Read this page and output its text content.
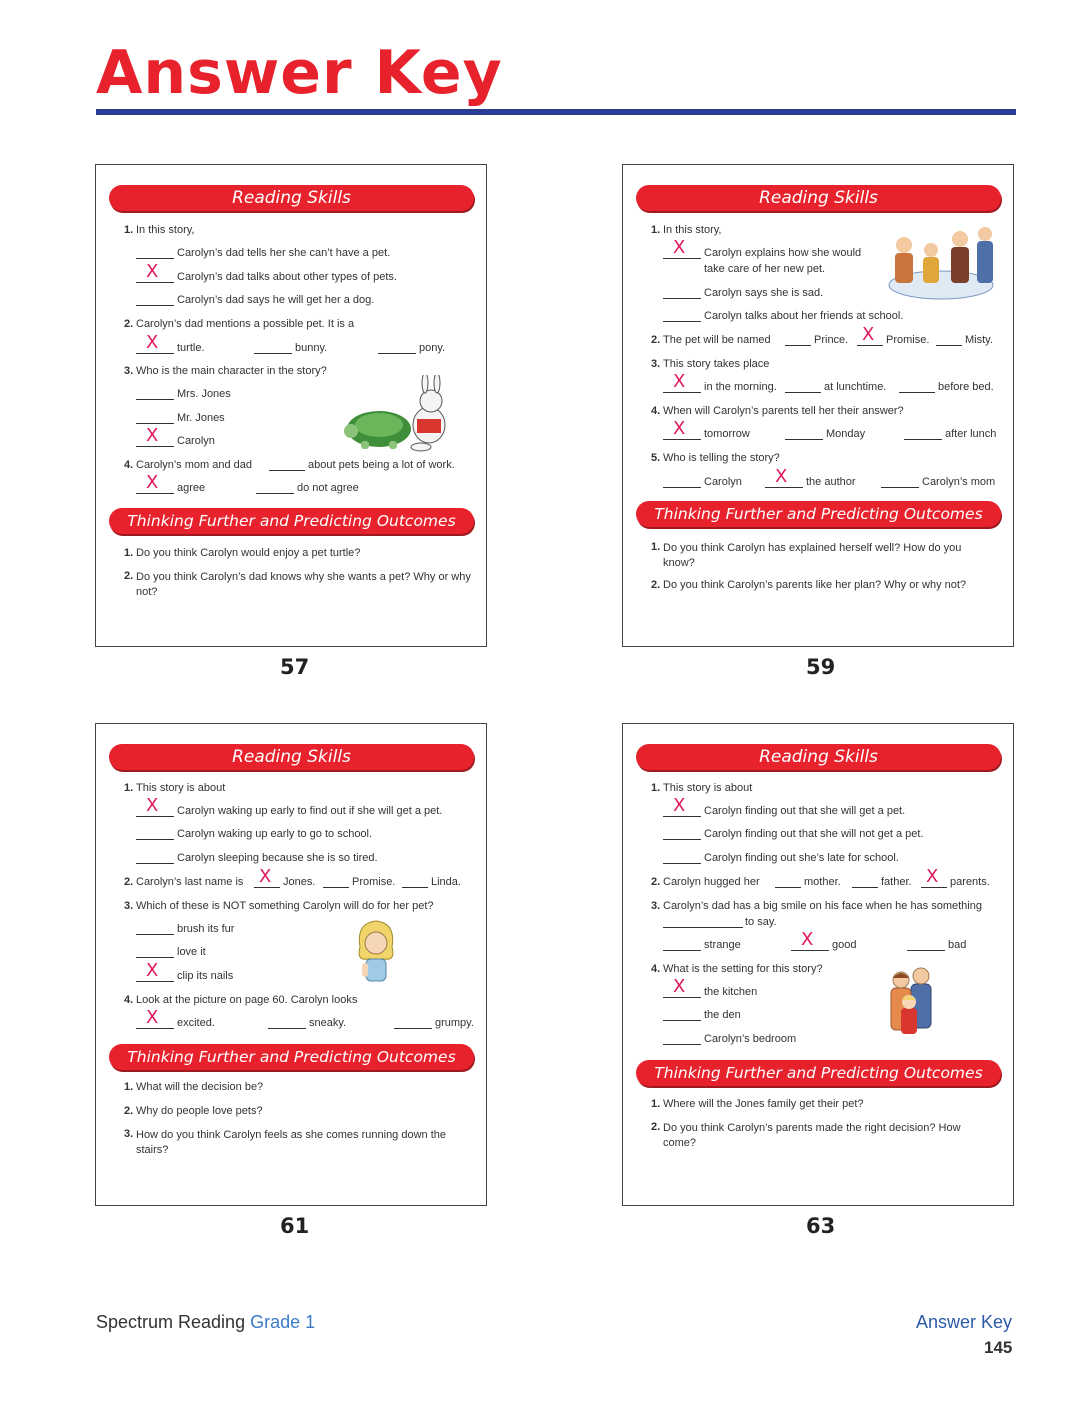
Answer Key
Reading Skills
1. In this story,
Carolyn’s dad tells her she can’t have a pet.
X Carolyn’s dad talks about other types of pets.
Carolyn’s dad says he will get her a dog.
2. Carolyn’s dad mentions a possible pet. It is a
X turtle.	bunny.	pony.
3. Who is the main character in the story?
Mrs. Jones
Mr. Jones
X Carolyn
4. Carolyn’s mom and dad	about pets being a lot of work.
X agree	do not agree
Thinking Further and Predicting Outcomes
1. Do you think Carolyn would enjoy a pet turtle?
2. Do you think Carolyn’s dad knows why she wants a pet? Why or why not?
57
Reading Skills
1. In this story,
X Carolyn explains how she would
take care of her new pet.
Carolyn says she is sad.
Carolyn talks about her friends at school.
2. The pet will be named	Prince. X Promise.	Misty.
3. This story takes place
X in the morning.	at lunchtime.	before bed.
4. When will Carolyn’s parents tell her their answer?
X tomorrow	Monday	after lunch
5. Who is telling the story?
Carolyn X the author	Carolyn’s mom
Thinking Further and Predicting Outcomes
1. Do you think Carolyn has explained herself well? How do you know?
2. Do you think Carolyn’s parents like her plan? Why or why not?
59
Reading Skills
1. This story is about
X Carolyn waking up early to find out if she will get a pet.
Carolyn waking up early to go to school.
Carolyn sleeping because she is so tired.
2. Carolyn’s last name is X Jones.	Promise.	Linda.
3. Which of these is NOT something Carolyn will do for her pet?
brush its fur
love it
X clip its nails
4. Look at the picture on page 60. Carolyn looks
X excited.	sneaky.	grumpy.
Thinking Further and Predicting Outcomes
1. What will the decision be?
2. Why do people love pets?
3. How do you think Carolyn feels as she comes running down the stairs?
61
Reading Skills
1. This story is about
X Carolyn finding out that she will get a pet.
Carolyn finding out that she will not get a pet.
Carolyn finding out she’s late for school.
2. Carolyn hugged her	mother.	father. X parents.
3. Carolyn’s dad has a big smile on his face when he has something
to say.
strange	X good	bad
4. What is the setting for this story?
X the kitchen
the den
Carolyn’s bedroom
Thinking Further and Predicting Outcomes
1. Where will the Jones family get their pet?
2. Do you think Carolyn’s parents made the right decision? How come?
63
Spectrum Reading Grade 1	Answer Key
145
